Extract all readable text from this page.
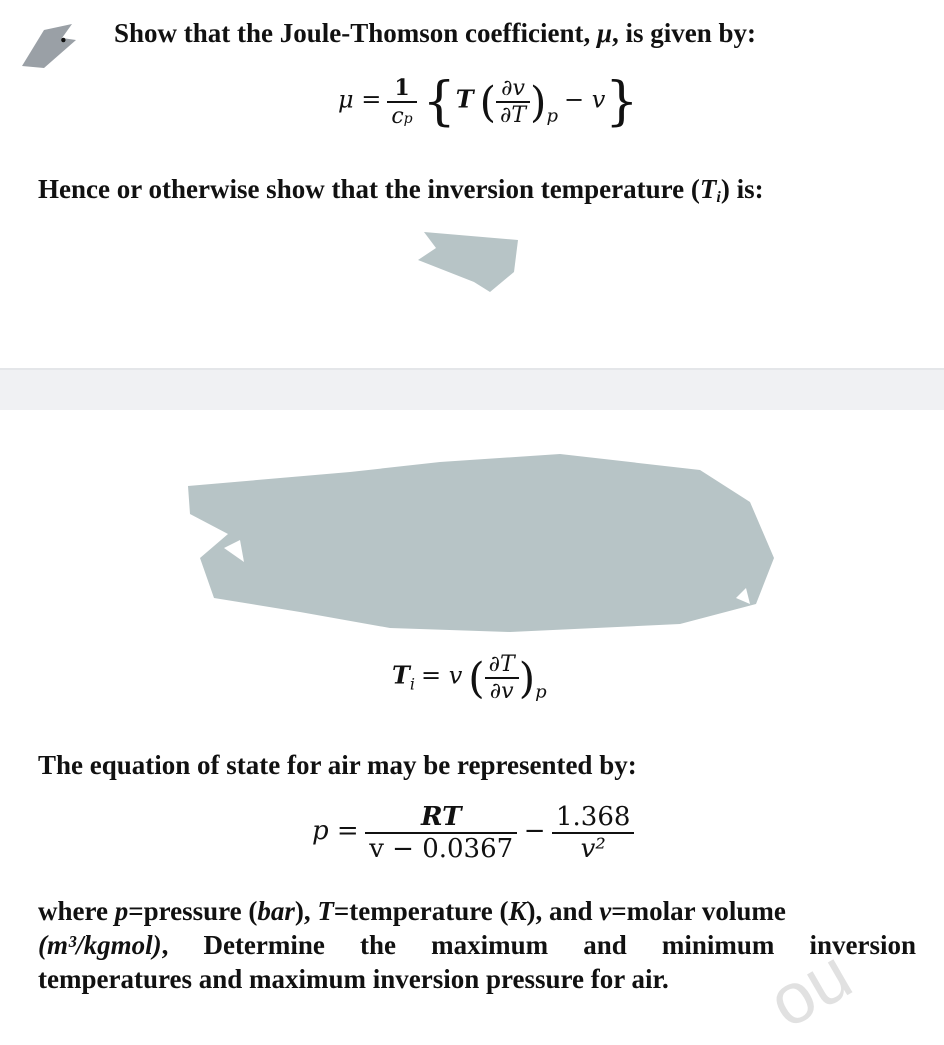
. Show that the Joule-Thomson coefficient, μ, is given by:
$\mu = \frac{1}{cp} \{T$ ( $\frac{\partial v}{\partial T} )_p - v$}
Hence or otherwise show that the inversion temperature (Ti) is:
$T_i = v$ ( $\frac{\partial T}{\partial v} )_p$
The equation of state for air may be represented by:
$p = \frac{RT}{v - 0.0367} - \frac{1.368}{\text{v²}}$
where p=pressure (bar), T=temperature (K), and v=molar volume
(m³/kgmol), Determine the maximum and minimum inversion
temperatures and maximum inversion pressure for air.	ou
